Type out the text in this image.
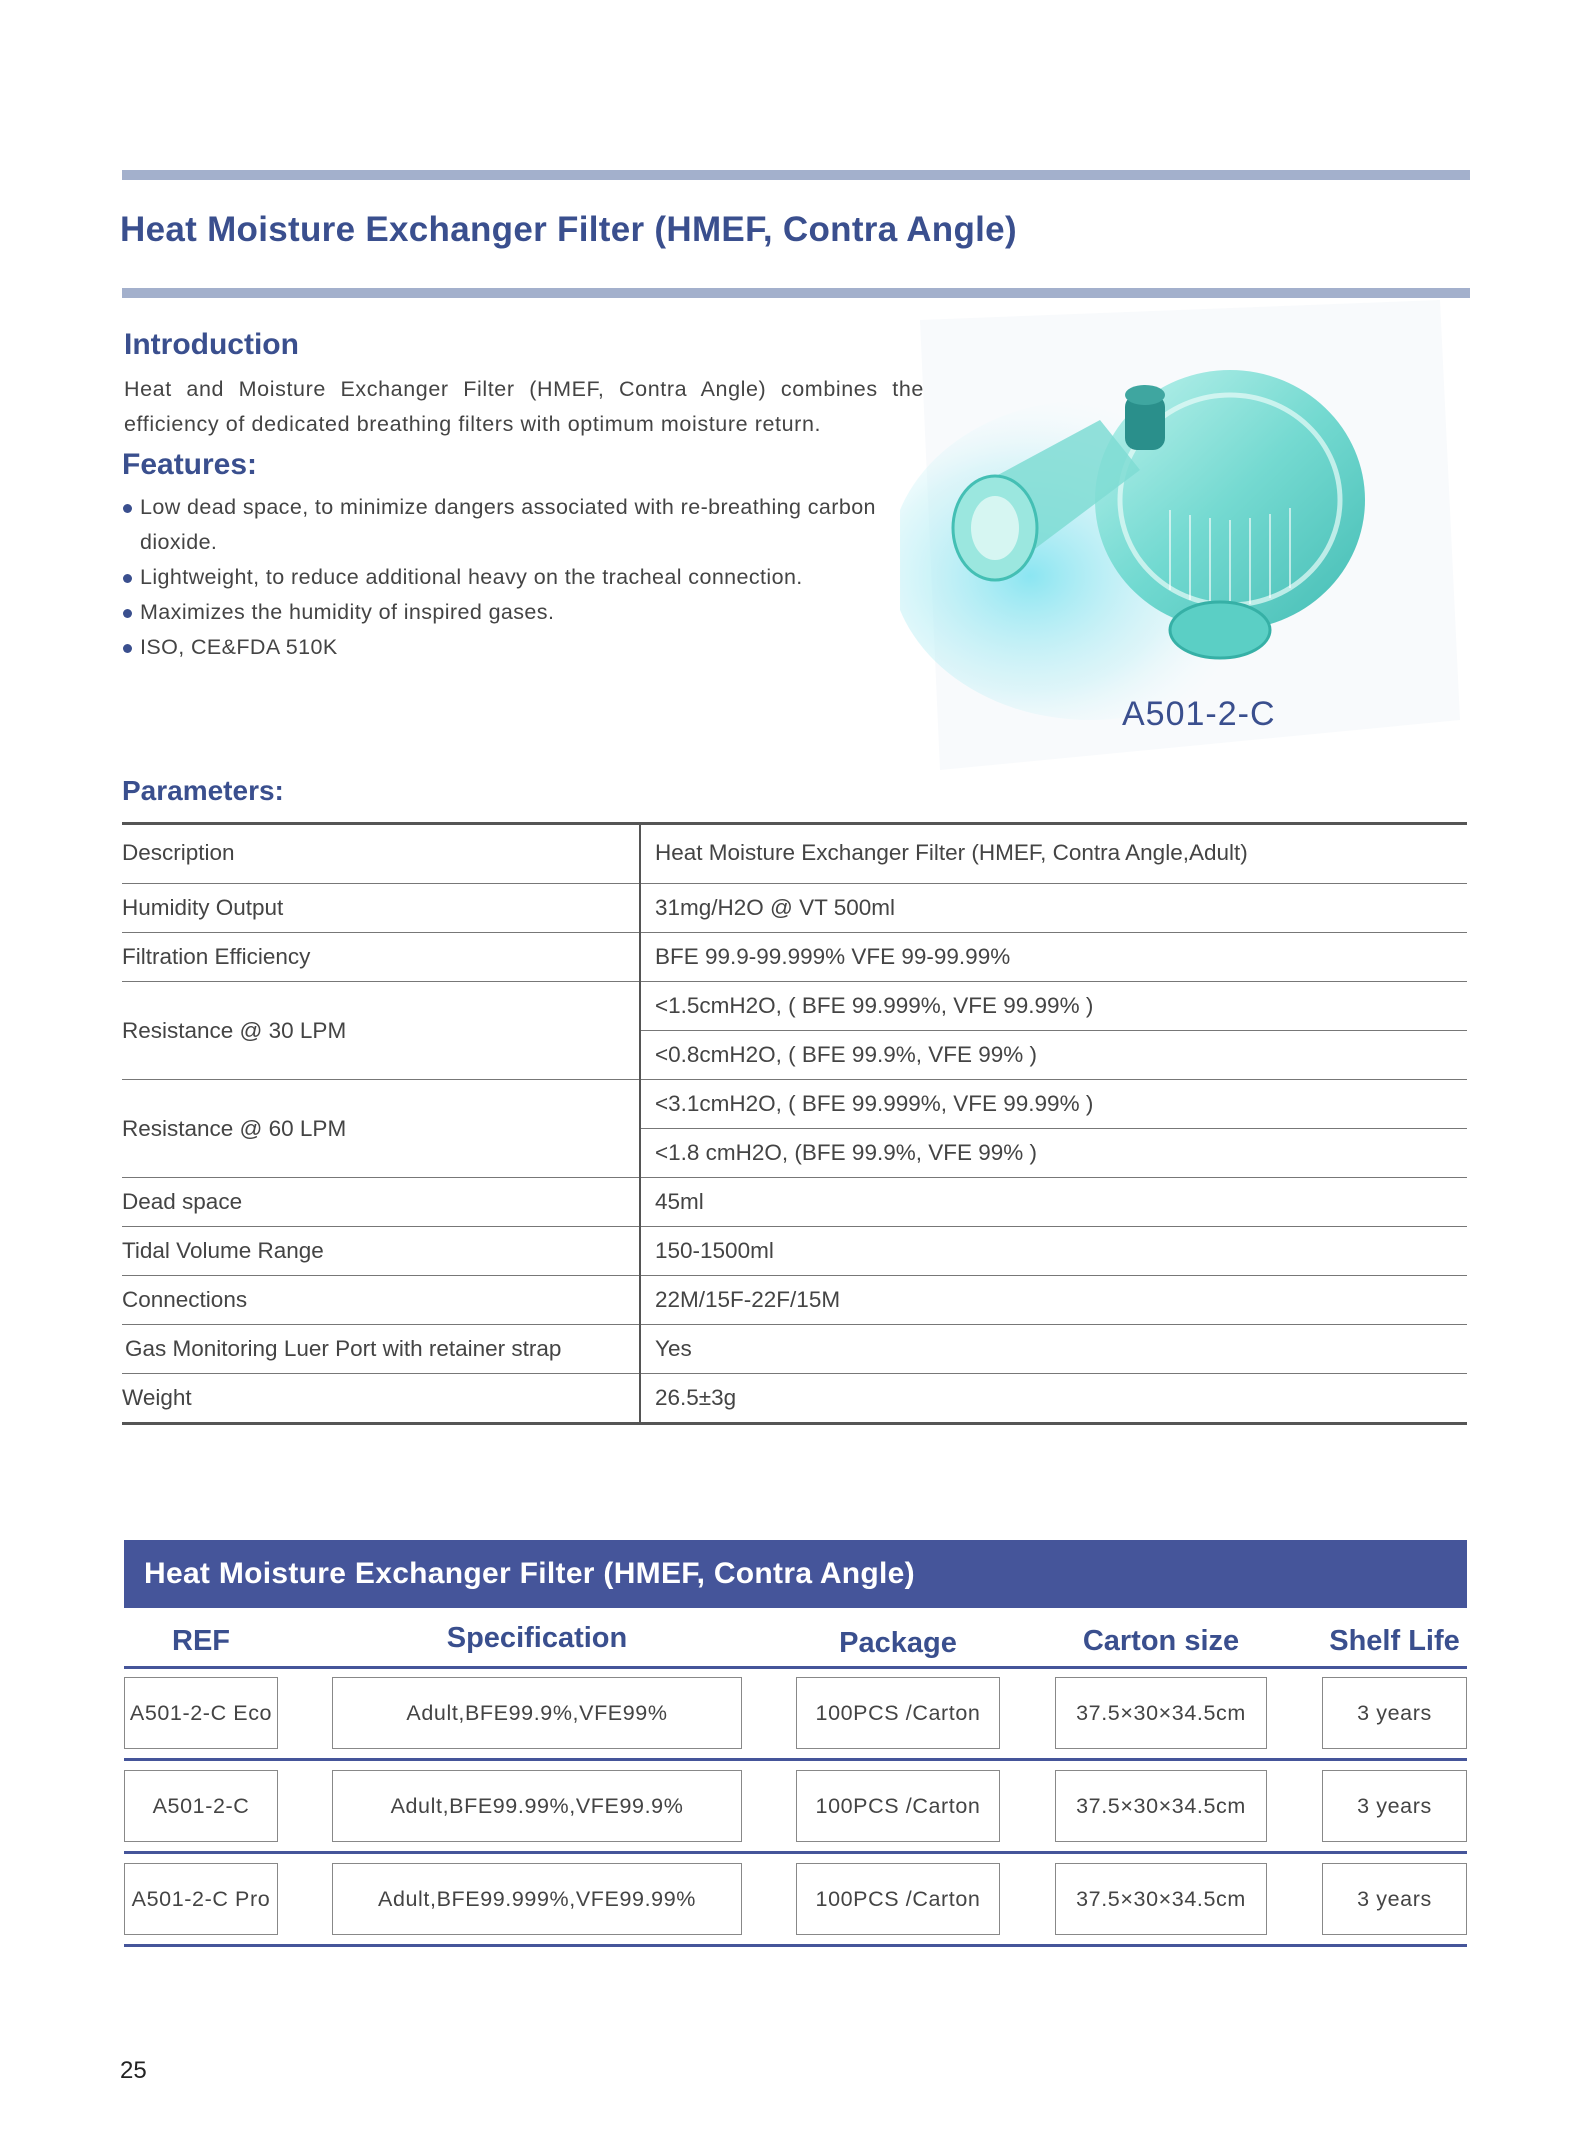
Heat Moisture Exchanger Filter (HMEF, Contra Angle)
Introduction
Heat and Moisture Exchanger Filter (HMEF, Contra Angle) combines the efficiency of dedicated breathing filters with optimum moisture return.
Features:
Low dead space, to minimize dangers associated with re-breathing carbon dioxide.
Lightweight, to reduce additional heavy on the tracheal connection.
Maximizes the humidity of inspired gases.
ISO, CE&FDA 510K
A501-2-C
Parameters:
Description	Heat Moisture Exchanger Filter (HMEF, Contra Angle,Adult)
Humidity Output	31mg/H2O @ VT 500ml
Filtration Efficiency	BFE 99.9-99.999% VFE 99-99.99%
Resistance @ 30 LPM	<1.5cmH2O, ( BFE 99.999%, VFE 99.99% )
	<0.8cmH2O, ( BFE 99.9%, VFE 99% )
Resistance @ 60 LPM	<3.1cmH2O, ( BFE 99.999%, VFE 99.99% )
	<1.8 cmH2O, (BFE 99.9%, VFE 99% )
Dead space	45ml
Tidal Volume Range	150-1500ml
Connections	22M/15F-22F/15M
Gas Monitoring Luer Port with retainer strap	Yes
Weight	26.5±3g
Heat Moisture Exchanger Filter (HMEF, Contra Angle)
REF	Specification	Package	Carton size	Shelf Life
A501-2-C Eco	Adult,BFE99.9%,VFE99%	100PCS /Carton	37.5×30×34.5cm	3 years
A501-2-C	Adult,BFE99.99%,VFE99.9%	100PCS /Carton	37.5×30×34.5cm	3 years
A501-2-C Pro	Adult,BFE99.999%,VFE99.99%	100PCS /Carton	37.5×30×34.5cm	3 years
25
